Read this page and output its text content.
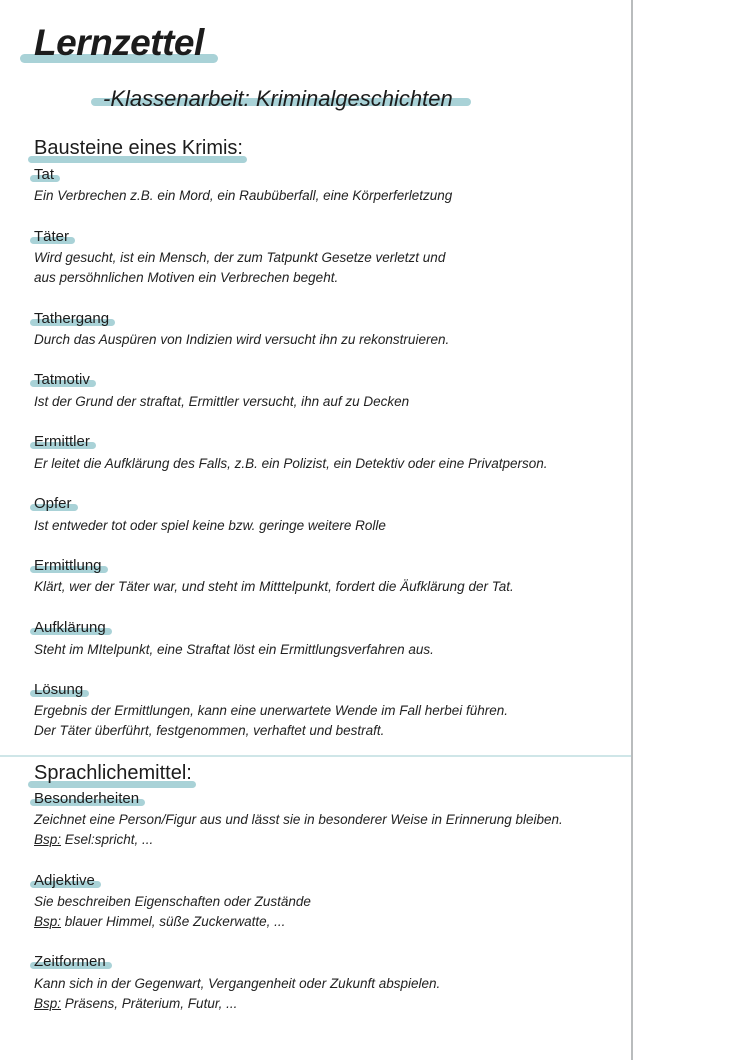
Lernzettel
-Klassenarbeit: Kriminalgeschichten
Bausteine eines Krimis:
Tat
Ein Verbrechen z.B. ein Mord, ein Raubüberfall, eine Körperferletzung
Täter
Wird gesucht, ist ein Mensch, der zum Tatpunkt Gesetze verletzt und
aus persöhnlichen Motiven ein Verbrechen begeht.
Tathergang
Durch das Auspüren von Indizien wird versucht ihn zu rekonstruieren.
Tatmotiv
Ist der Grund der straftat, Ermittler versucht, ihn auf zu Decken
Ermittler
Er leitet die Aufklärung des Falls, z.B. ein Polizist, ein Detektiv oder eine Privatperson.
Opfer
Ist entweder tot oder spiel keine bzw. geringe weitere Rolle
Ermittlung
Klärt, wer der Täter war, und steht im Mitttelpunkt, fordert die Äufklärung der Tat.
Aufklärung
Steht im MItelpunkt, eine Straftat löst ein Ermittlungsverfahren aus.
Lösung
Ergebnis der Ermittlungen, kann eine unerwartete Wende im Fall herbei führen.
Der Täter überführt, festgenommen, verhaftet und bestraft.
Sprachlichemittel:
Besonderheiten
Zeichnet eine Person/Figur aus und lässt sie in besonderer Weise in Erinnerung bleiben.
Bsp: Esel:spricht, ...
Adjektive
Sie beschreiben Eigenschaften oder Zustände
Bsp: blauer Himmel, süße Zuckerwatte, ...
Zeitformen
Kann sich in der Gegenwart, Vergangenheit oder Zukunft abspielen.
Bsp: Präsens, Präterium, Futur, ...
